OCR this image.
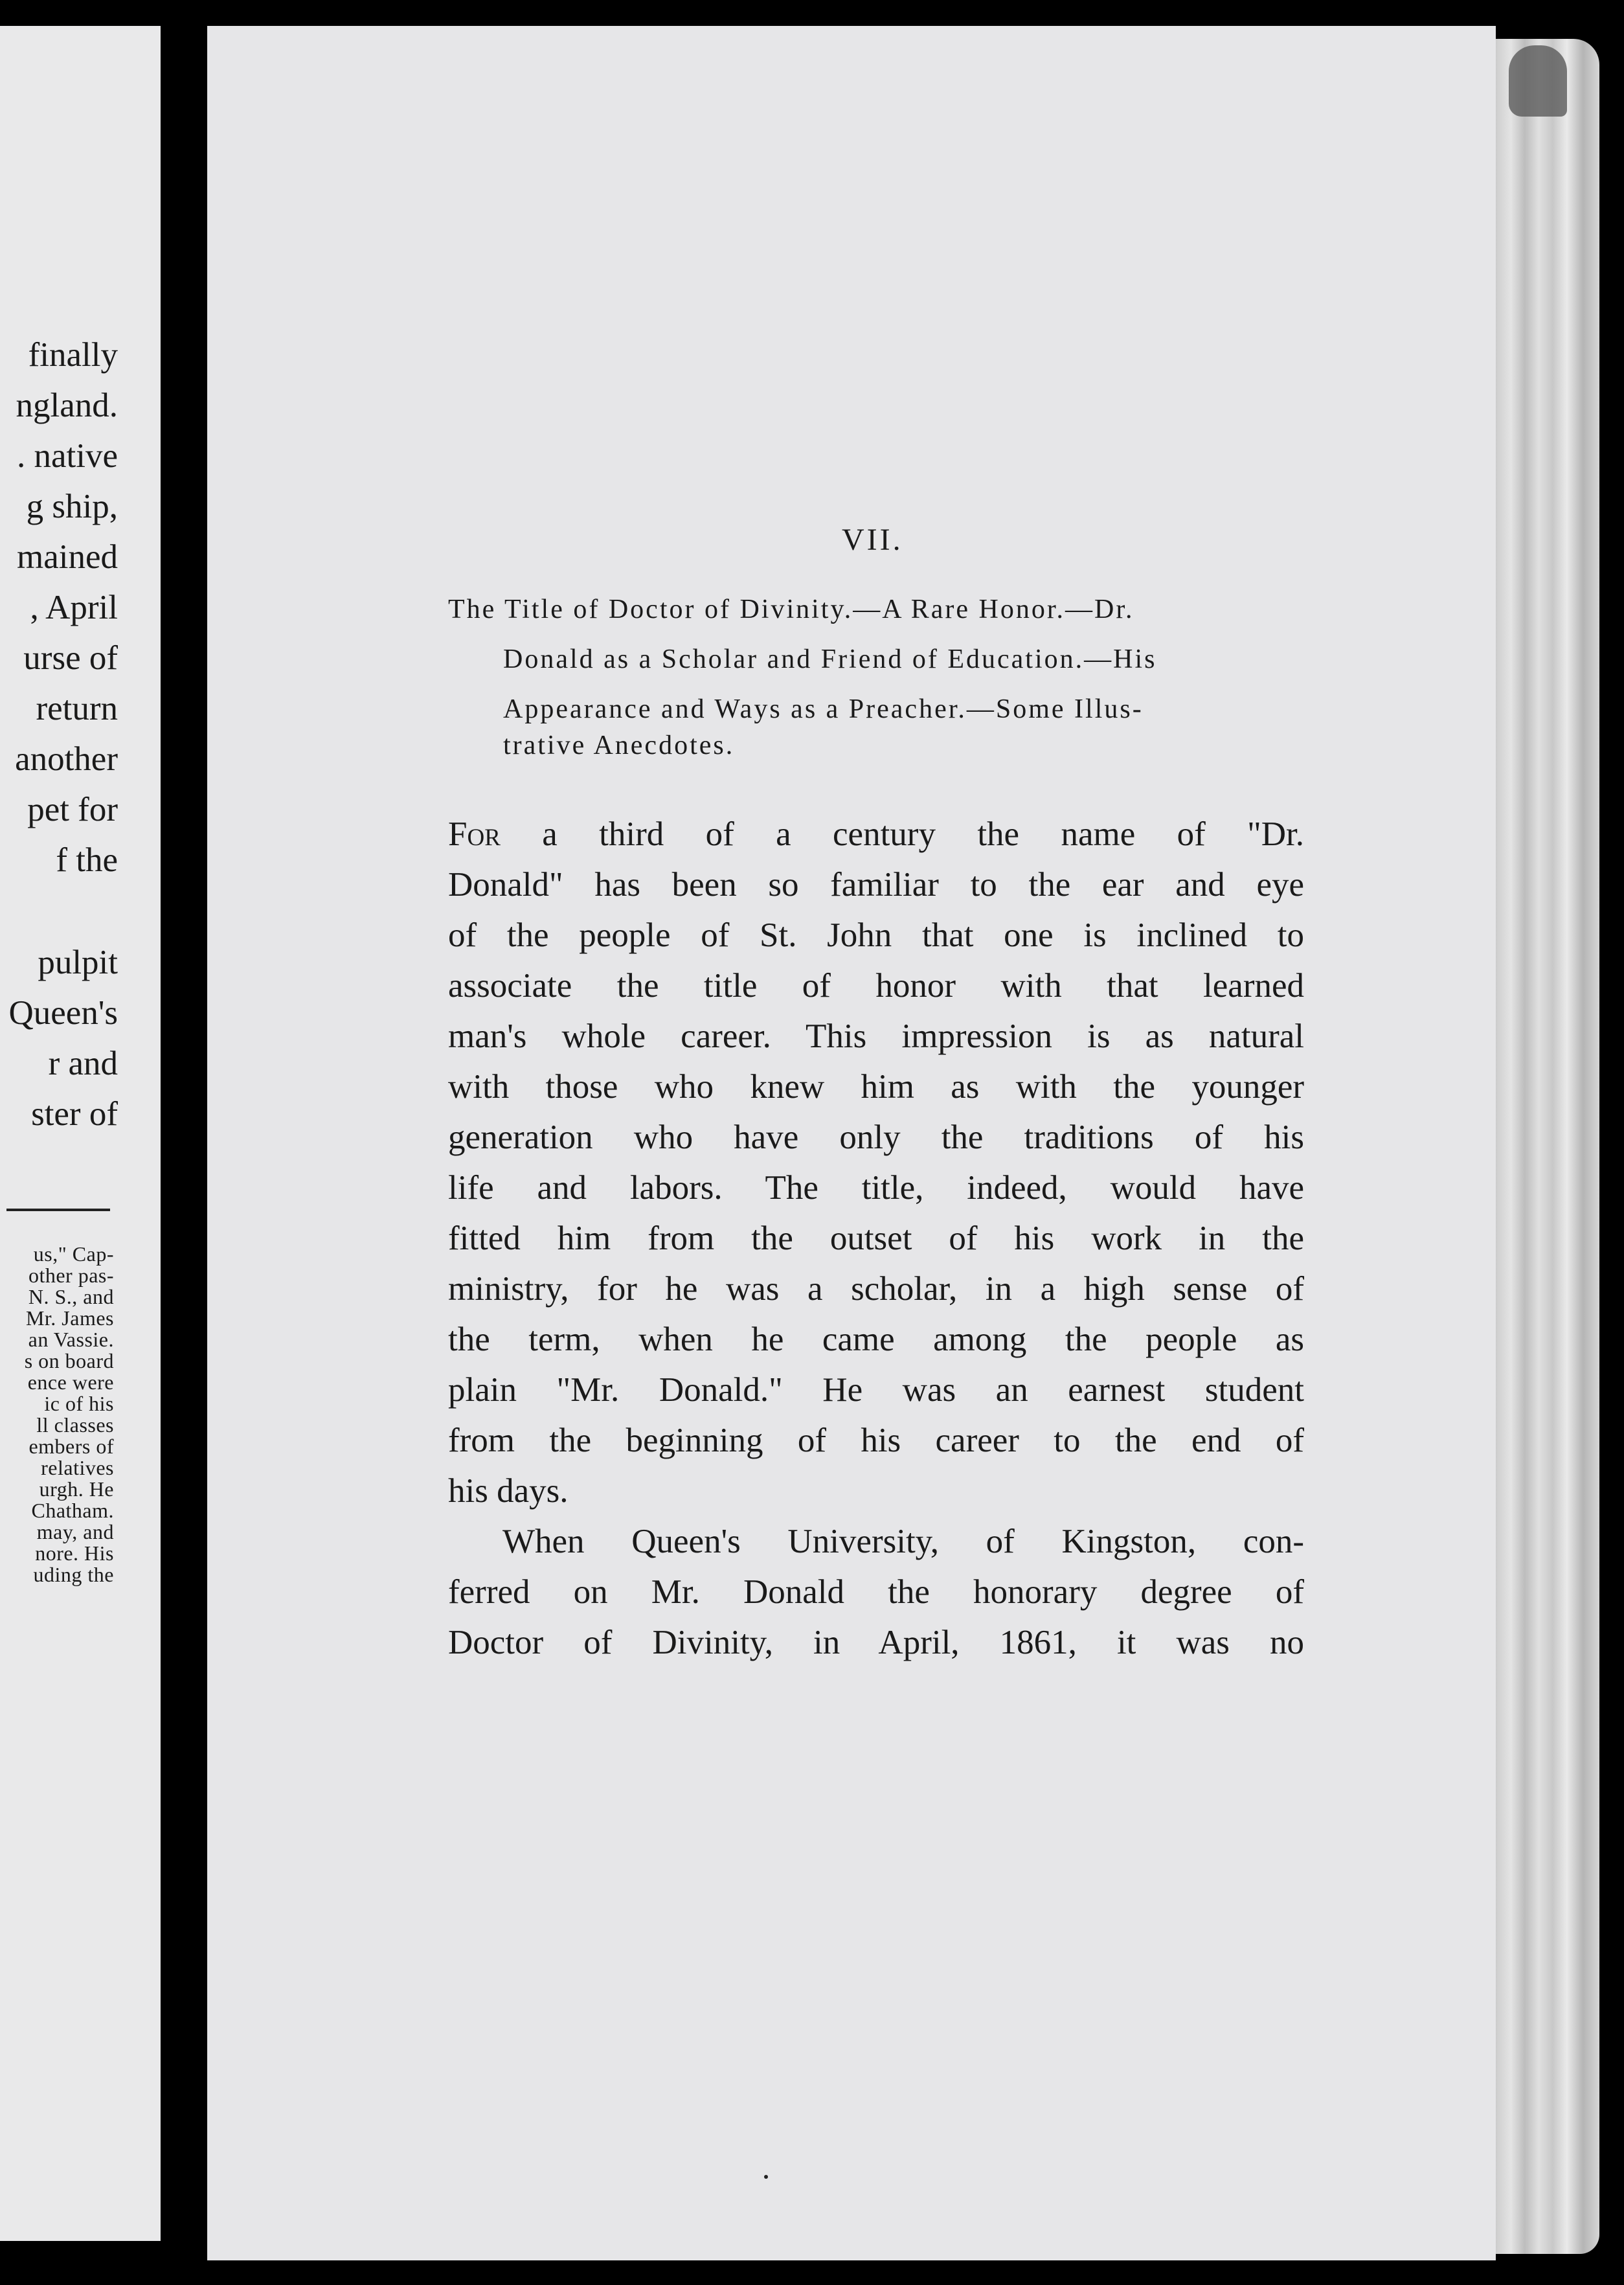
finally
ngland.
. native
g ship,
mained
, April
urse of
return
another
pet for
f the
pulpit
Queen's
r and
ster of
us," Cap-
other pas-
N. S., and
Mr. James
an Vassie.
s on board
ence were
ic of his
ll classes
embers of
relatives
urgh. He
Chatham.
may, and
nore. His
uding the
VII.
The Title of Doctor of Divinity.—A Rare Honor.—Dr.
Donald as a Scholar and Friend of Education.—His
Appearance and Ways as a Preacher.—Some Illus-
trative Anecdotes.
For a third of a century the name of "Dr.
Donald" has been so familiar to the ear and eye
of the people of St. John that one is inclined to
associate the title of honor with that learned
man's whole career. This impression is as natural
with those who knew him as with the younger
generation who have only the traditions of his
life and labors. The title, indeed, would have
fitted him from the outset of his work in the
ministry, for he was a scholar, in a high sense of
the term, when he came among the people as
plain "Mr. Donald." He was an earnest student
from the beginning of his career to the end of
his days.
When Queen's University, of Kingston, con-
ferred on Mr. Donald the honorary degree of
Doctor of Divinity, in April, 1861, it was no
